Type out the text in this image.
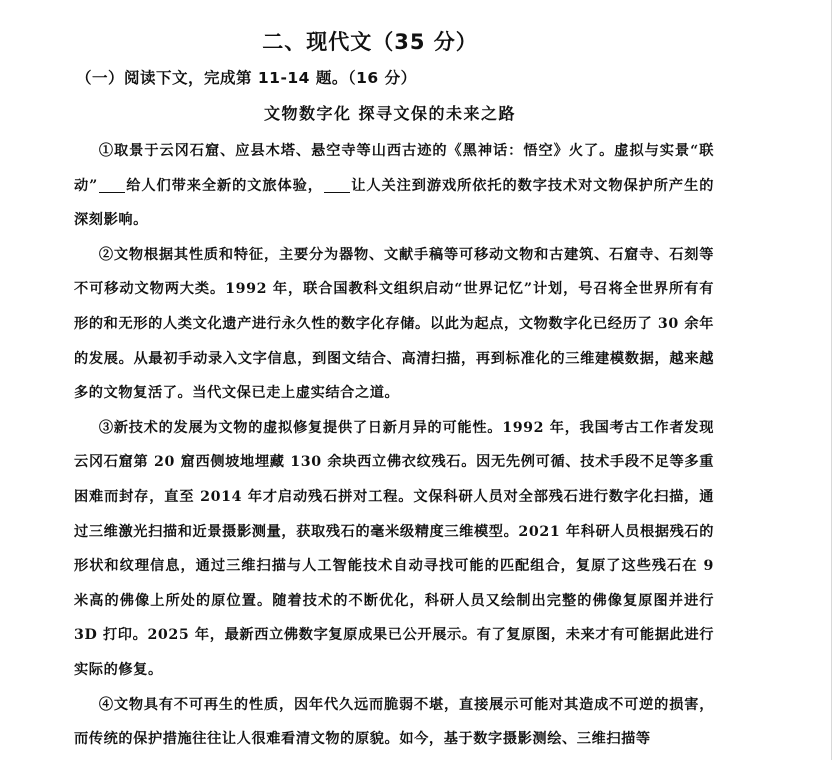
二、现代文（35 分）
（一）阅读下文，完成第 11-14 题。（16 分）
文物数字化 探寻文保的未来之路

①取景于云冈石窟、应县木塔、悬空寺等山西古迹的《黑神话：悟空》火了。虚拟与实景“联动” 给人们带来全新的文旅体验， 让人关注到游戏所依托的数字技术对文物保护所产生的深刻影响。

②文物根据其性质和特征，主要分为器物、文献手稿等可移动文物和古建筑、石窟寺、石刻等不可移动文物两大类。1992 年，联合国教科文组织启动“世界记忆”计划，号召将全世界所有有形的和无形的人类文化遗产进行永久性的数字化存储。以此为起点，文物数字化已经历了 30 余年的发展。从最初手动录入文字信息，到图文结合、高清扫描，再到标准化的三维建模数据，越来越多的文物复活了。当代文保已走上虚实结合之道。

③新技术的发展为文物的虚拟修复提供了日新月异的可能性。1992 年，我国考古工作者发现云冈石窟第 20 窟西侧坡地埋藏 130 余块西立佛衣纹残石。因无先例可循、技术手段不足等多重困难而封存，直至 2014 年才启动残石拼对工程。文保科研人员对全部残石进行数字化扫描，通过三维激光扫描和近景摄影测量，获取残石的毫米级精度三维模型。2021 年科研人员根据残石的形状和纹理信息，通过三维扫描与人工智能技术自动寻找可能的匹配组合，复原了这些残石在 9 米高的佛像上所处的原位置。随着技术的不断优化，科研人员又绘制出完整的佛像复原图并进行 3D 打印。2025 年，最新西立佛数字复原成果已公开展示。有了复原图，未来才有可能据此进行实际的修复。

④文物具有不可再生的性质，因年代久远而脆弱不堪，直接展示可能对其造成不可逆的损害，而传统的保护措施往往让人很难看清文物的原貌。如今，基于数字摄影测绘、三维扫描等
